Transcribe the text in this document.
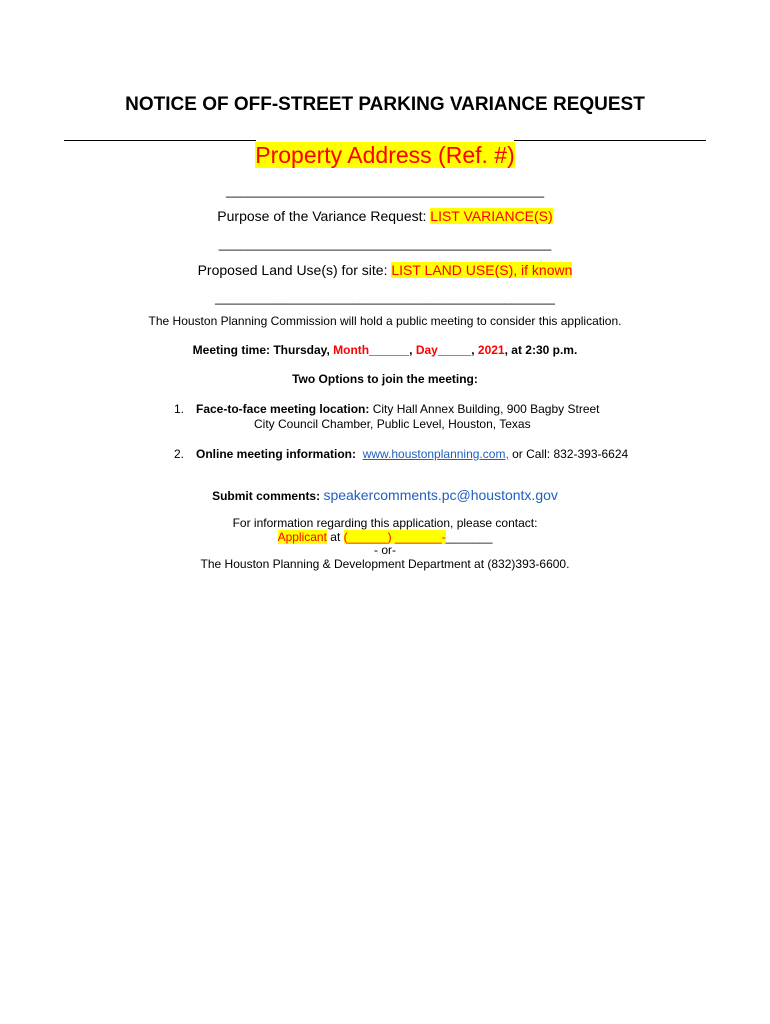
NOTICE OF OFF-STREET PARKING VARIANCE REQUEST
Property Address (Ref. #)
____________________________________________
Purpose of the Variance Request: LIST VARIANCE(S)
______________________________________________
Proposed Land Use(s) for site: LIST LAND USE(S), if known
_______________________________________________
The Houston Planning Commission will hold a public meeting to consider this application.
Meeting time: Thursday, Month______, Day_____, 2021, at 2:30 p.m.
Two Options to join the meeting:
1. Face-to-face meeting location: City Hall Annex Building, 900 Bagby Street
City Council Chamber, Public Level, Houston, Texas
2. Online meeting information: www.houstonplanning.com, or Call: 832-393-6624
Submit comments: speakercomments.pc@houstontx.gov
For information regarding this application, please contact:
Applicant at (______) _______-_______
- or-
The Houston Planning & Development Department at (832)393-6600.
